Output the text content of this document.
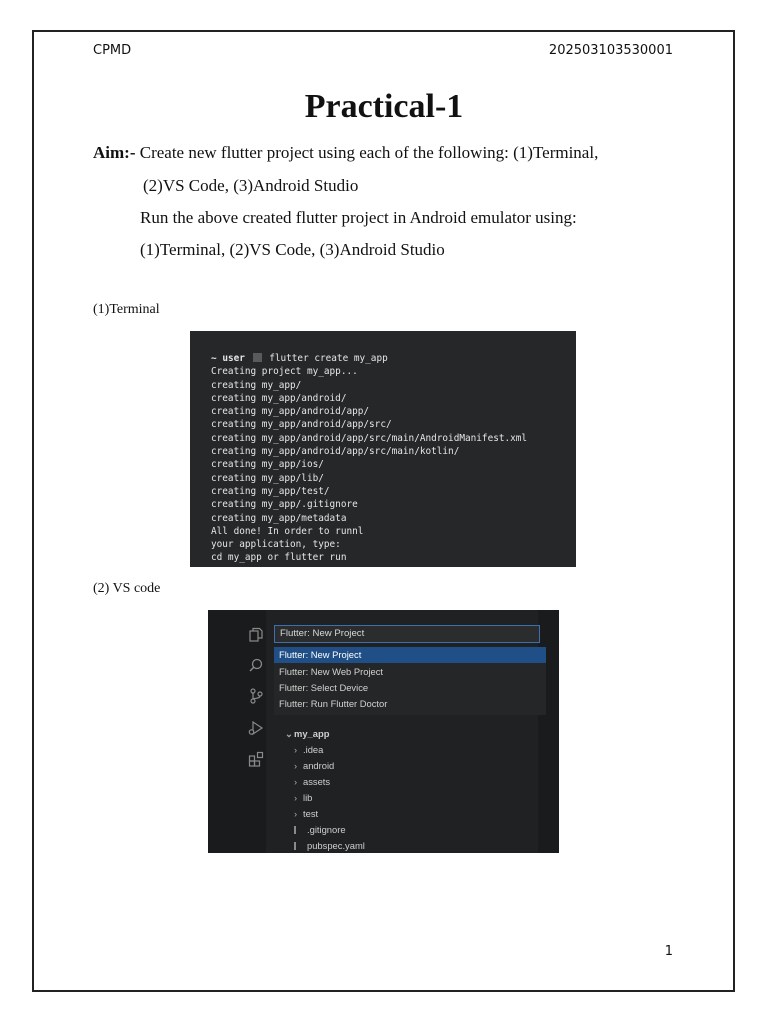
CPMD	202503103530001
Practical-1
Aim:- Create new flutter project using each of the following: (1)Terminal,
(2)VS Code, (3)Android Studio
Run the above created flutter project in Android emulator using:
(1)Terminal, (2)VS Code, (3)Android Studio
(1)Terminal
~ user	flutter create my_app
Creating project my_app...
creating my_app/
creating my_app/android/
creating my_app/android/app/
creating my_app/android/app/src/
creating my_app/android/app/src/main/AndroidManifest.xml
creating my_app/android/app/src/main/kotlin/
creating my_app/ios/
creating my_app/lib/
creating my_app/test/
creating my_app/.gitignore
creating my_app/metadata
All done! In order to runnl
your application, type:
cd my_app or flutter run
(2) VS code
Flutter: New Project
Flutter: New Project
Flutter: New Web Project
Flutter: Select Device
Flutter: Run Flutter Doctor
⌄my_app
› .idea
› android
› assets
› lib
› test
.gitignore
pubspec.yaml
1
